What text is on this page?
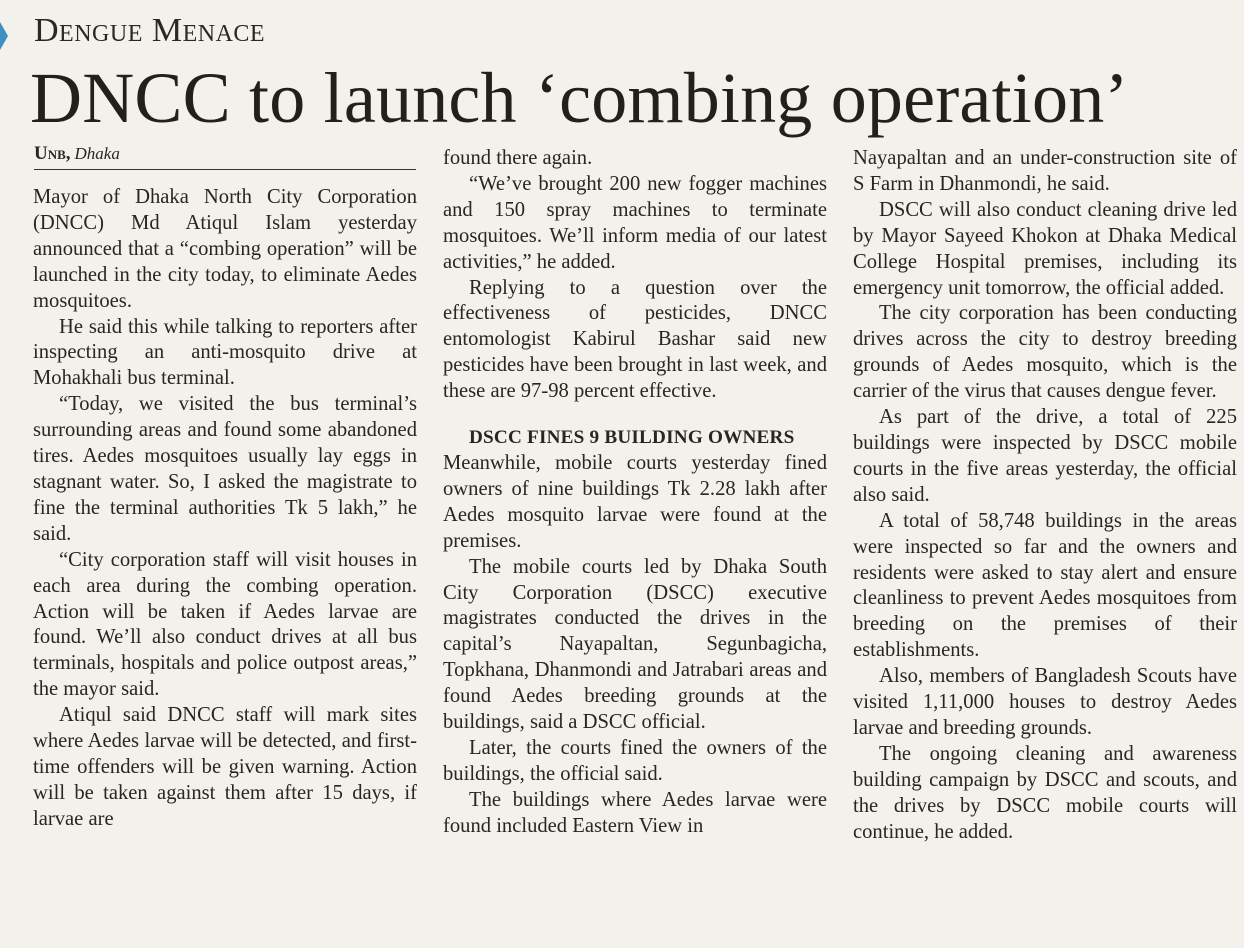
Dengue Menace
DNCC to launch ‘combing operation’
Unb, Dhaka

Mayor of Dhaka North City Corporation (DNCC) Md Atiqul Islam yesterday announced that a “combing operation” will be launched in the city today, to eliminate Aedes mosquitoes.

He said this while talking to reporters after inspecting an anti-mosquito drive at Mohakhali bus terminal.

“Today, we visited the bus terminal’s surrounding areas and found some abandoned tires. Aedes mosquitoes usually lay eggs in stagnant water. So, I asked the magistrate to fine the terminal authorities Tk 5 lakh,” he said.

“City corporation staff will visit houses in each area during the combing operation. Action will be taken if Aedes larvae are found. We’ll also conduct drives at all bus terminals, hospitals and police outpost areas,” the mayor said.

Atiqul said DNCC staff will mark sites where Aedes larvae will be detected, and first-time offenders will be given warning. Action will be taken against them after 15 days, if larvae are

found there again.

“We’ve brought 200 new fogger machines and 150 spray machines to terminate mosquitoes. We’ll inform media of our latest activities,” he added.

Replying to a question over the effectiveness of pesticides, DNCC entomologist Kabirul Bashar said new pesticides have been brought in last week, and these are 97-98 percent effective.

DSCC FINES 9 BUILDING OWNERS

Meanwhile, mobile courts yesterday fined owners of nine buildings Tk 2.28 lakh after Aedes mosquito larvae were found at the premises.

The mobile courts led by Dhaka South City Corporation (DSCC) executive magistrates conducted the drives in the capital’s Nayapaltan, Segunbagicha, Topkhana, Dhanmondi and Jatrabari areas and found Aedes breeding grounds at the buildings, said a DSCC official.

Later, the courts fined the owners of the buildings, the official said.

The buildings where Aedes larvae were found included Eastern View in

Nayapaltan and an under-construction site of S Farm in Dhanmondi, he said.

DSCC will also conduct cleaning drive led by Mayor Sayeed Khokon at Dhaka Medical College Hospital premises, including its emergency unit tomorrow, the official added.

The city corporation has been conducting drives across the city to destroy breeding grounds of Aedes mosquito, which is the carrier of the virus that causes dengue fever.

As part of the drive, a total of 225 buildings were inspected by DSCC mobile courts in the five areas yesterday, the official also said.

A total of 58,748 buildings in the areas were inspected so far and the owners and residents were asked to stay alert and ensure cleanliness to prevent Aedes mosquitoes from breeding on the premises of their establishments.

Also, members of Bangladesh Scouts have visited 1,11,000 houses to destroy Aedes larvae and breeding grounds.

The ongoing cleaning and awareness building campaign by DSCC and scouts, and the drives by DSCC mobile courts will continue, he added.
